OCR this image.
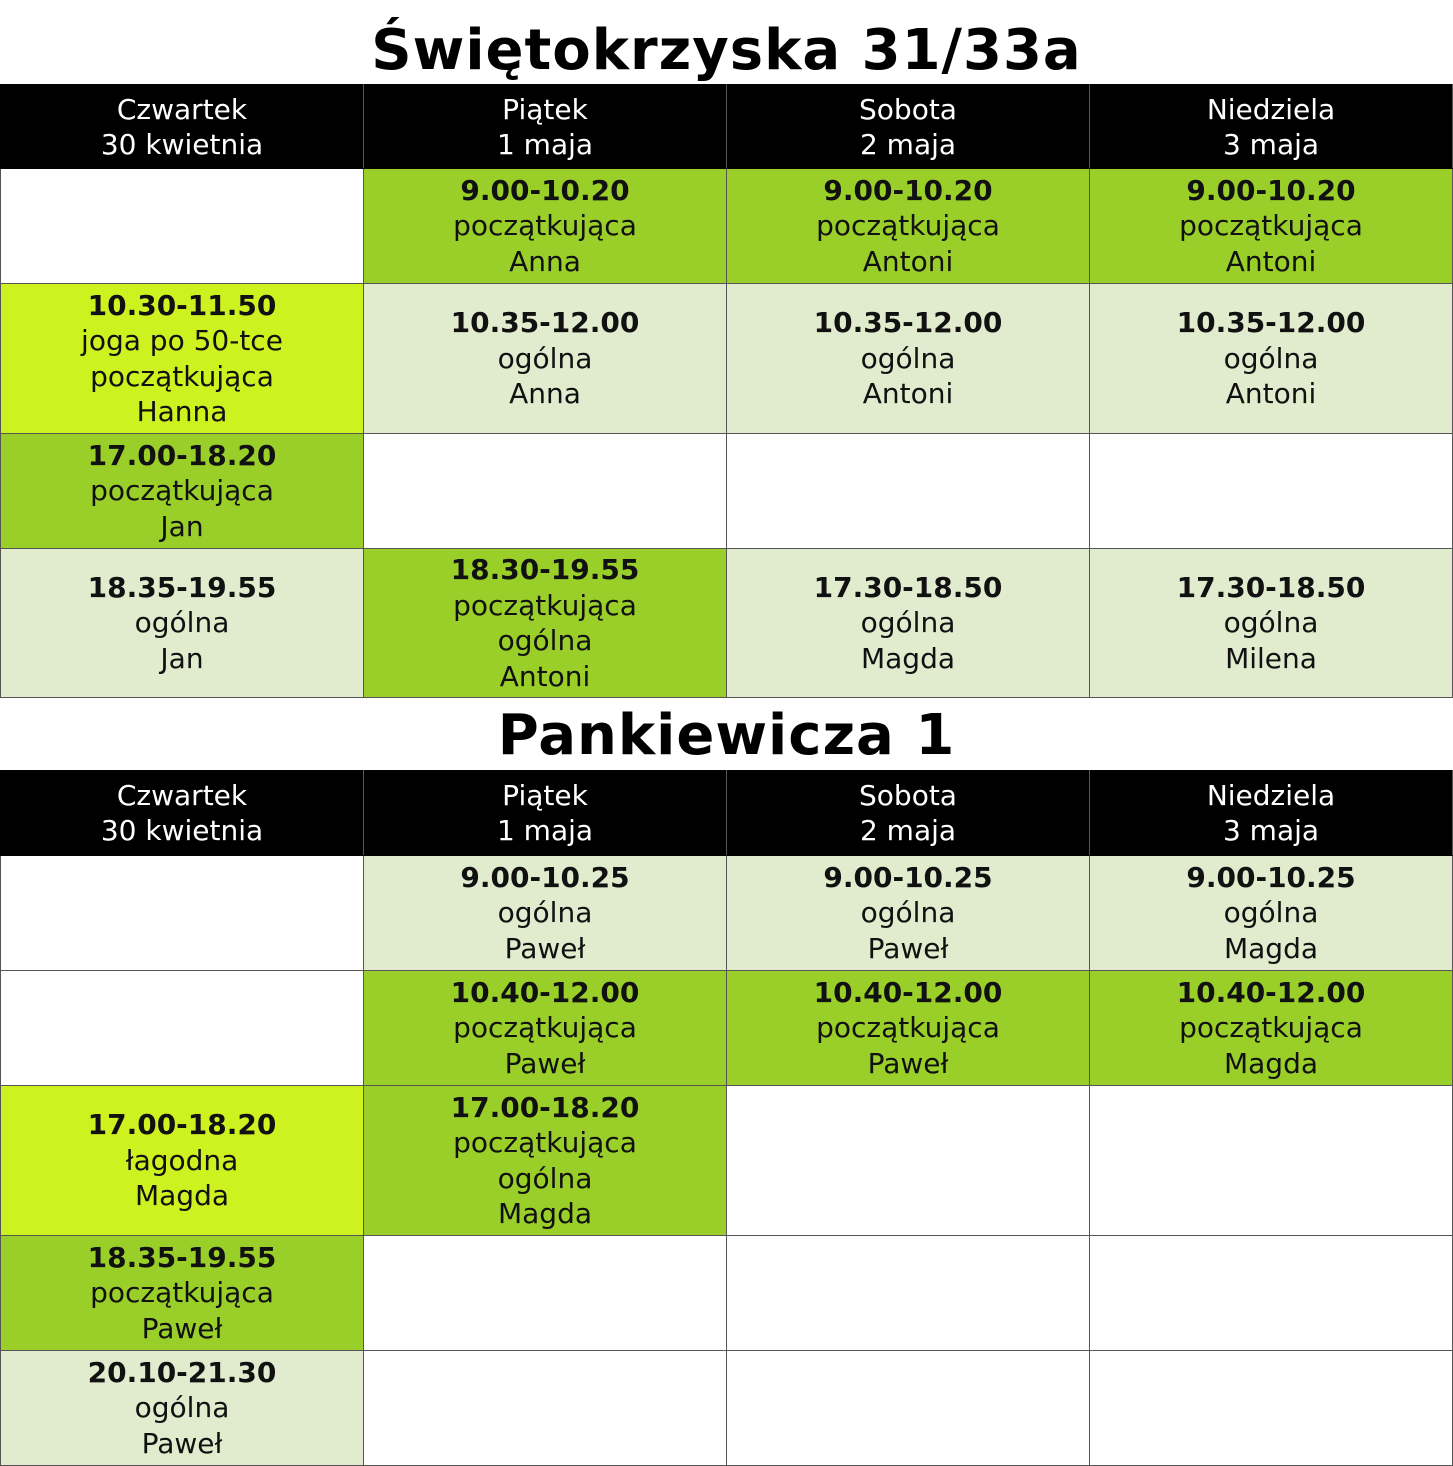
Świętokrzyska 31/33a
Czwartek
30 kwietnia	Piątek
1 maja	Sobota
2 maja	Niedziela
3 maja

	9.00-10.20
początkująca
Anna	9.00-10.20
początkująca
Antoni	9.00-10.20
początkująca
Antoni

10.30-11.50
joga po 50-tce
początkująca
Hanna	10.35-12.00
ogólna
Anna	10.35-12.00
ogólna
Antoni	10.35-12.00
ogólna
Antoni

17.00-18.20
początkująca
Jan			

18.35-19.55
ogólna
Jan	18.30-19.55
początkująca
ogólna
Antoni	17.30-18.50
ogólna
Magda	17.30-18.50
ogólna
Milena
Pankiewicza 1
Czwartek
30 kwietnia	Piątek
1 maja	Sobota
2 maja	Niedziela
3 maja

	9.00-10.25
ogólna
Paweł	9.00-10.25
ogólna
Paweł	9.00-10.25
ogólna
Magda

	10.40-12.00
początkująca
Paweł	10.40-12.00
początkująca
Paweł	10.40-12.00
początkująca
Magda

17.00-18.20
łagodna
Magda	17.00-18.20
początkująca
ogólna
Magda		

18.35-19.55
początkująca
Paweł			

20.10-21.30
ogólna
Paweł			
